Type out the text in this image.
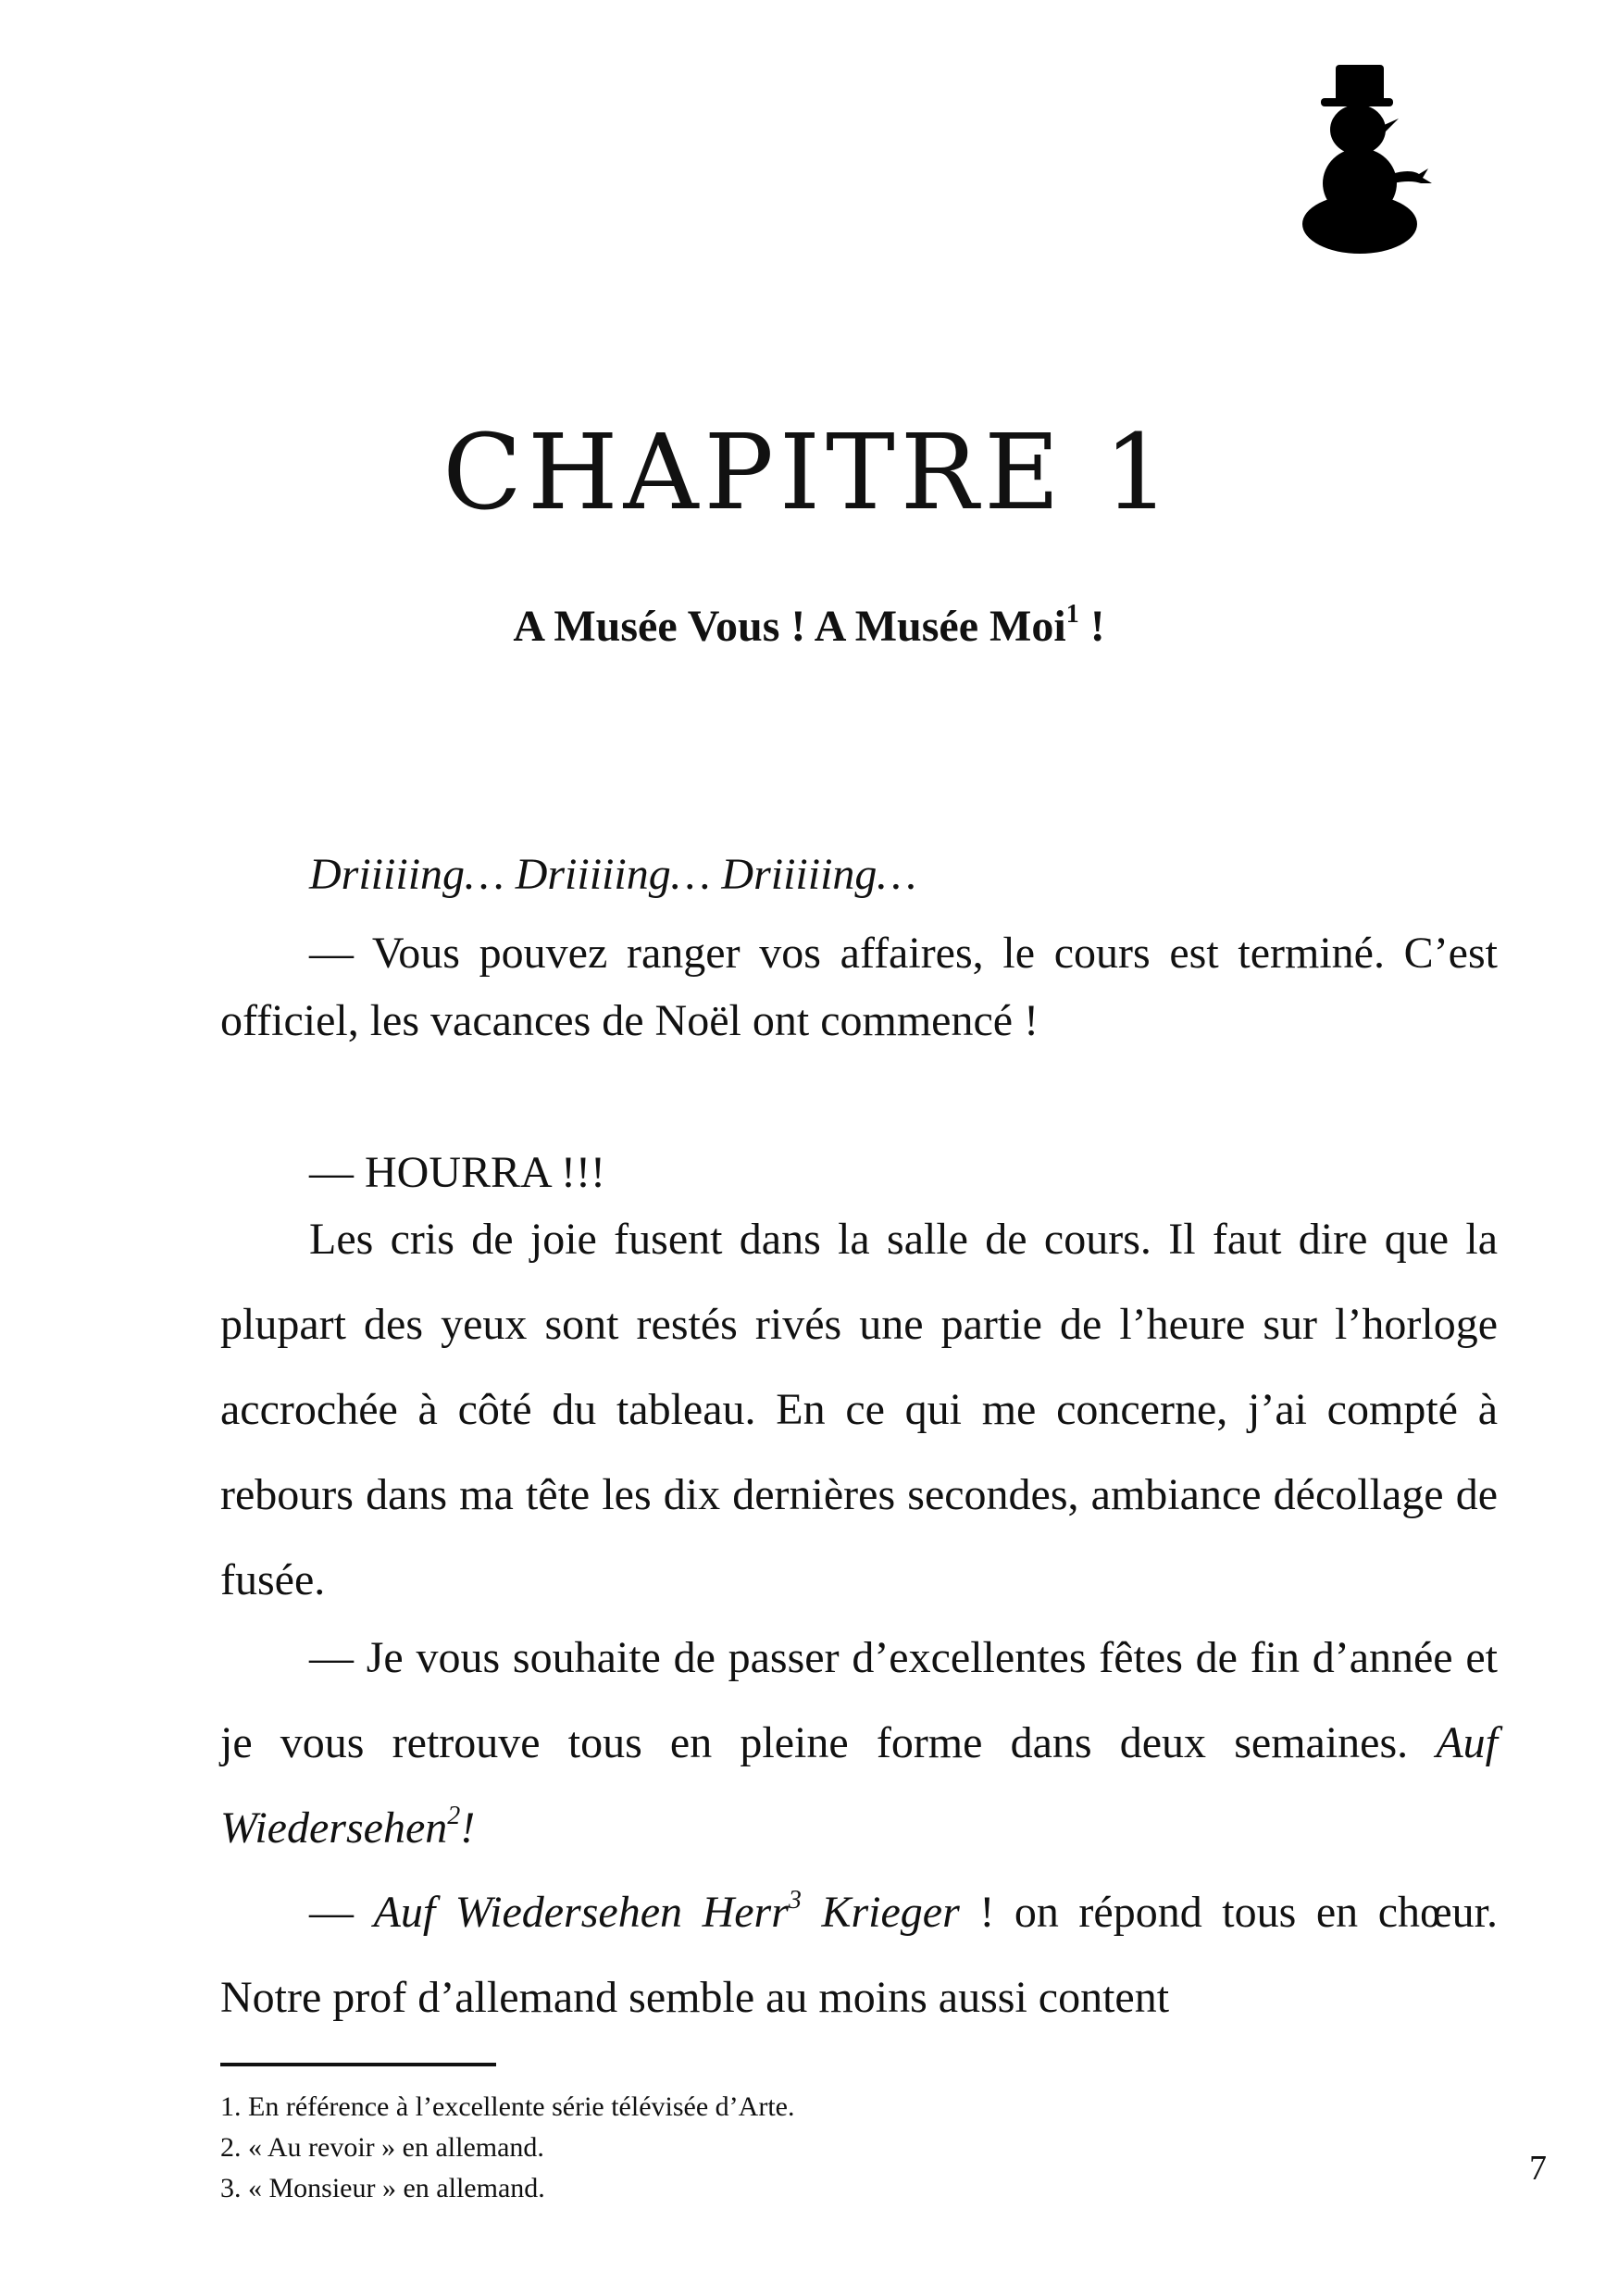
CHAPITRE 1
A Musée Vous ! A Musée Moi$^1$ !

Driiiiing… Driiiiing… Driiiiing…

— Vous pouvez ranger vos affaires, le cours est terminé. C’est officiel, les vacances de Noël ont commencé !

— HOURRA !!!

Les cris de joie fusent dans la salle de cours. Il faut dire que la plupart des yeux sont restés rivés une partie de l’heure sur l’horloge accrochée à côté du tableau. En ce qui me concerne, j’ai compté à rebours dans ma tête les dix dernières secondes, ambiance décollage de fusée.

— Je vous souhaite de passer d’excellentes fêtes de fin d’année et je vous retrouve tous en pleine forme dans deux semaines. Auf Wiedersehen$^2$!

— Auf Wiedersehen Herr$^3$ Krieger ! on répond tous en chœur. Notre prof d’allemand semble au moins aussi content

1. En référence à l’excellente série télévisée d’Arte.
2. « Au revoir » en allemand.
3. « Monsieur » en allemand.
7
